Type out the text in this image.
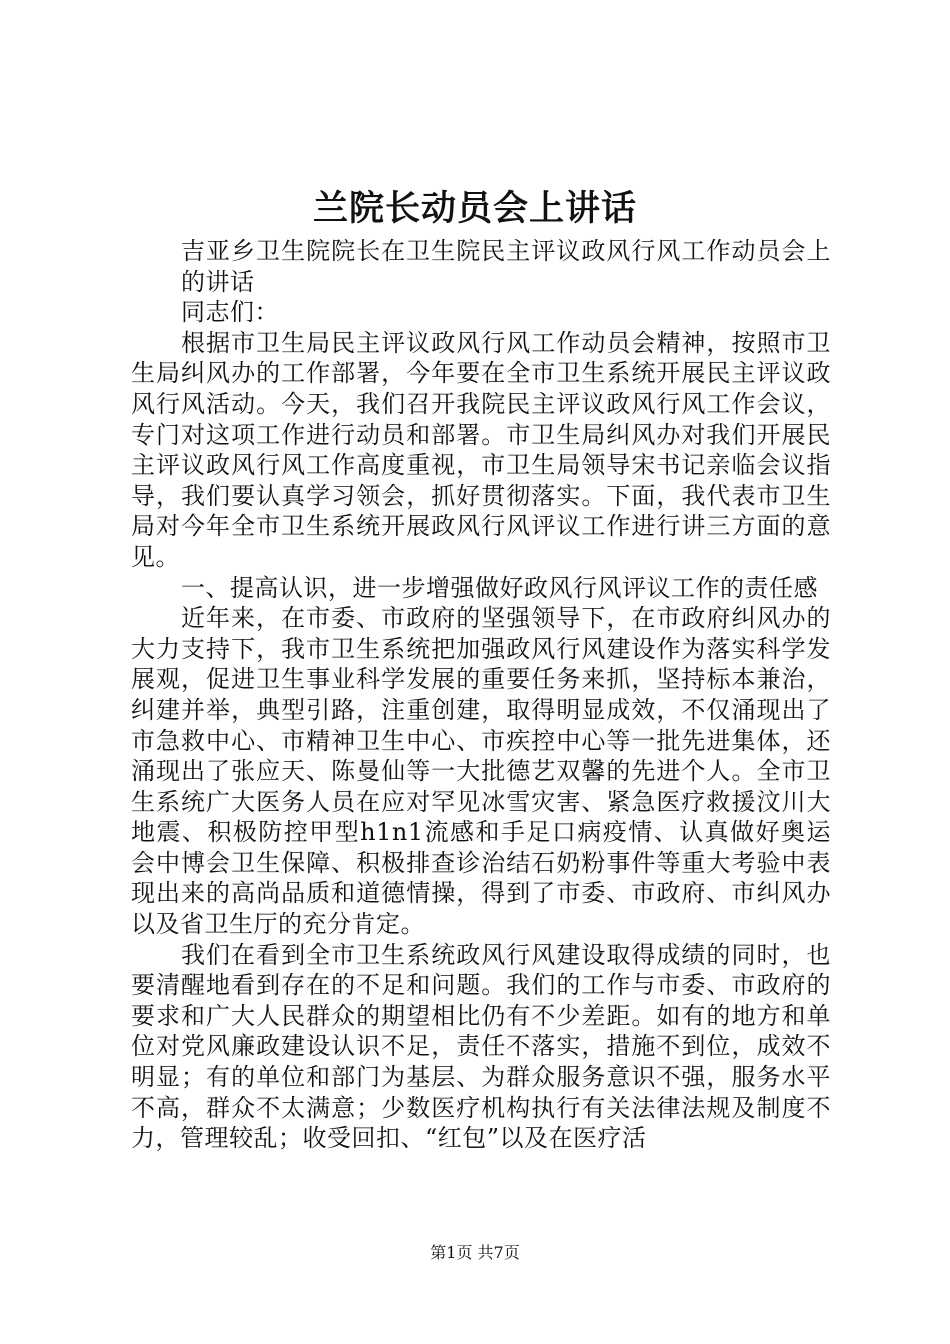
兰院长动员会上讲话

吉亚乡卫生院院长在卫生院民主评议政风行风工作动员会上的讲话

同志们：

根据市卫生局民主评议政风行风工作动员会精神，按照市卫生局纠风办的工作部署，今年要在全市卫生系统开展民主评议政风行风活动。今天，我们召开我院民主评议政风行风工作会议，专门对这项工作进行动员和部署。市卫生局纠风办对我们开展民主评议政风行风工作高度重视，市卫生局领导宋书记亲临会议指导，我们要认真学习领会，抓好贯彻落实。下面，我代表市卫生局对今年全市卫生系统开展政风行风评议工作进行讲三方面的意见。

一、提高认识，进一步增强做好政风行风评议工作的责任感

近年来，在市委、市政府的坚强领导下，在市政府纠风办的大力支持下，我市卫生系统把加强政风行风建设作为落实科学发展观，促进卫生事业科学发展的重要任务来抓，坚持标本兼治，纠建并举，典型引路，注重创建，取得明显成效，不仅涌现出了市急救中心、市精神卫生中心、市疾控中心等一批先进集体，还涌现出了张应天、陈曼仙等一大批德艺双馨的先进个人。全市卫生系统广大医务人员在应对罕见冰雪灾害、紧急医疗救援汶川大地震、积极防控甲型h1n1流感和手足口病疫情、认真做好奥运会中博会卫生保障、积极排查诊治结石奶粉事件等重大考验中表现出来的高尚品质和道德情操，得到了市委、市政府、市纠风办以及省卫生厅的充分肯定。

我们在看到全市卫生系统政风行风建设取得成绩的同时，也要清醒地看到存在的不足和问题。我们的工作与市委、市政府的要求和广大人民群众的期望相比仍有不少差距。如有的地方和单位对党风廉政建设认识不足，责任不落实，措施不到位，成效不明显；有的单位和部门为基层、为群众服务意识不强，服务水平不高，群众不太满意；少数医疗机构执行有关法律法规及制度不力，管理较乱；收受回扣、“红包”以及在医疗活

第1页 共7页
